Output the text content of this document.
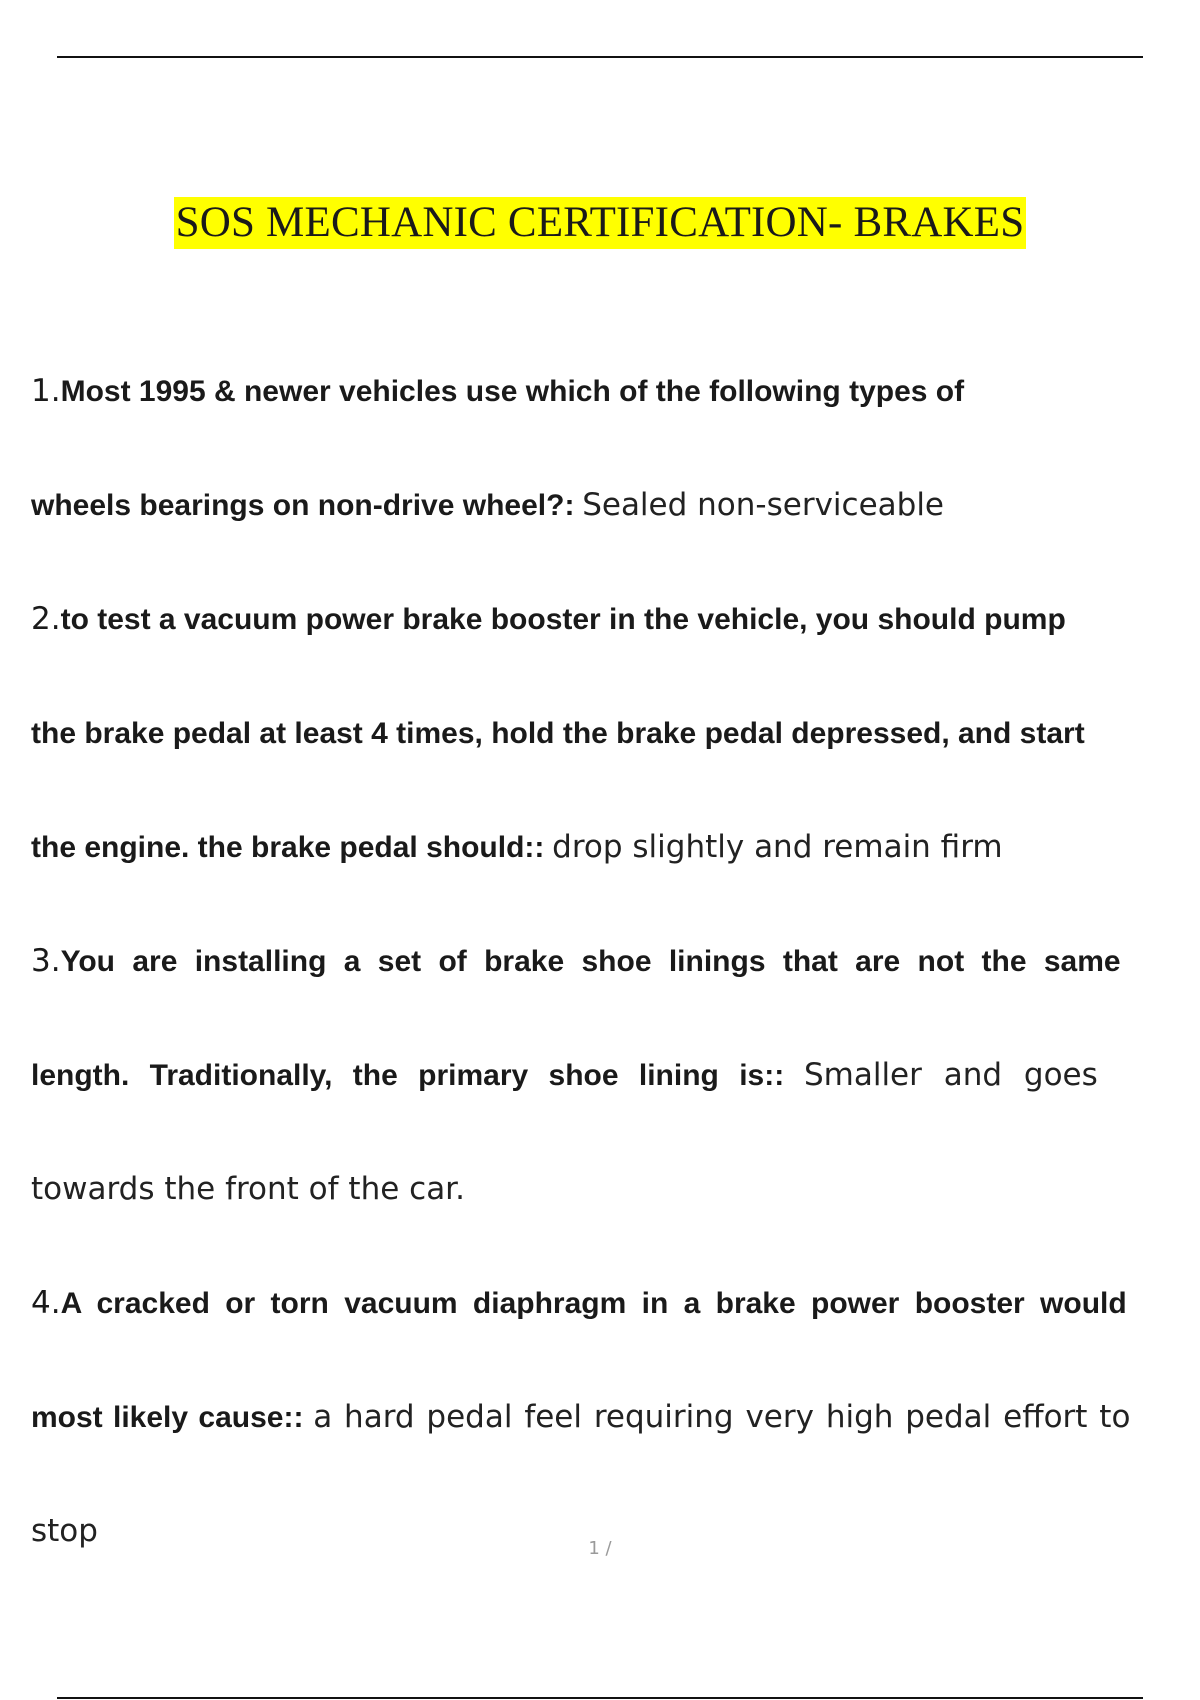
SOS MECHANIC CERTIFICATION- BRAKES
1.Most 1995 & newer vehicles use which of the following types of
wheels bearings on non-drive wheel?: Sealed non-serviceable
2.to test a vacuum power brake booster in the vehicle, you should pump
the brake pedal at least 4 times, hold the brake pedal depressed, and start
the engine. the brake pedal should:: drop slightly and remain firm
3.You are installing a set of brake shoe linings that are not the same
length. Traditionally, the primary shoe lining is:: Smaller and goes
towards the front of the car.
4.A cracked or torn vacuum diaphragm in a brake power booster would
most likely cause:: a hard pedal feel requiring very high pedal effort to
stop	1 /
